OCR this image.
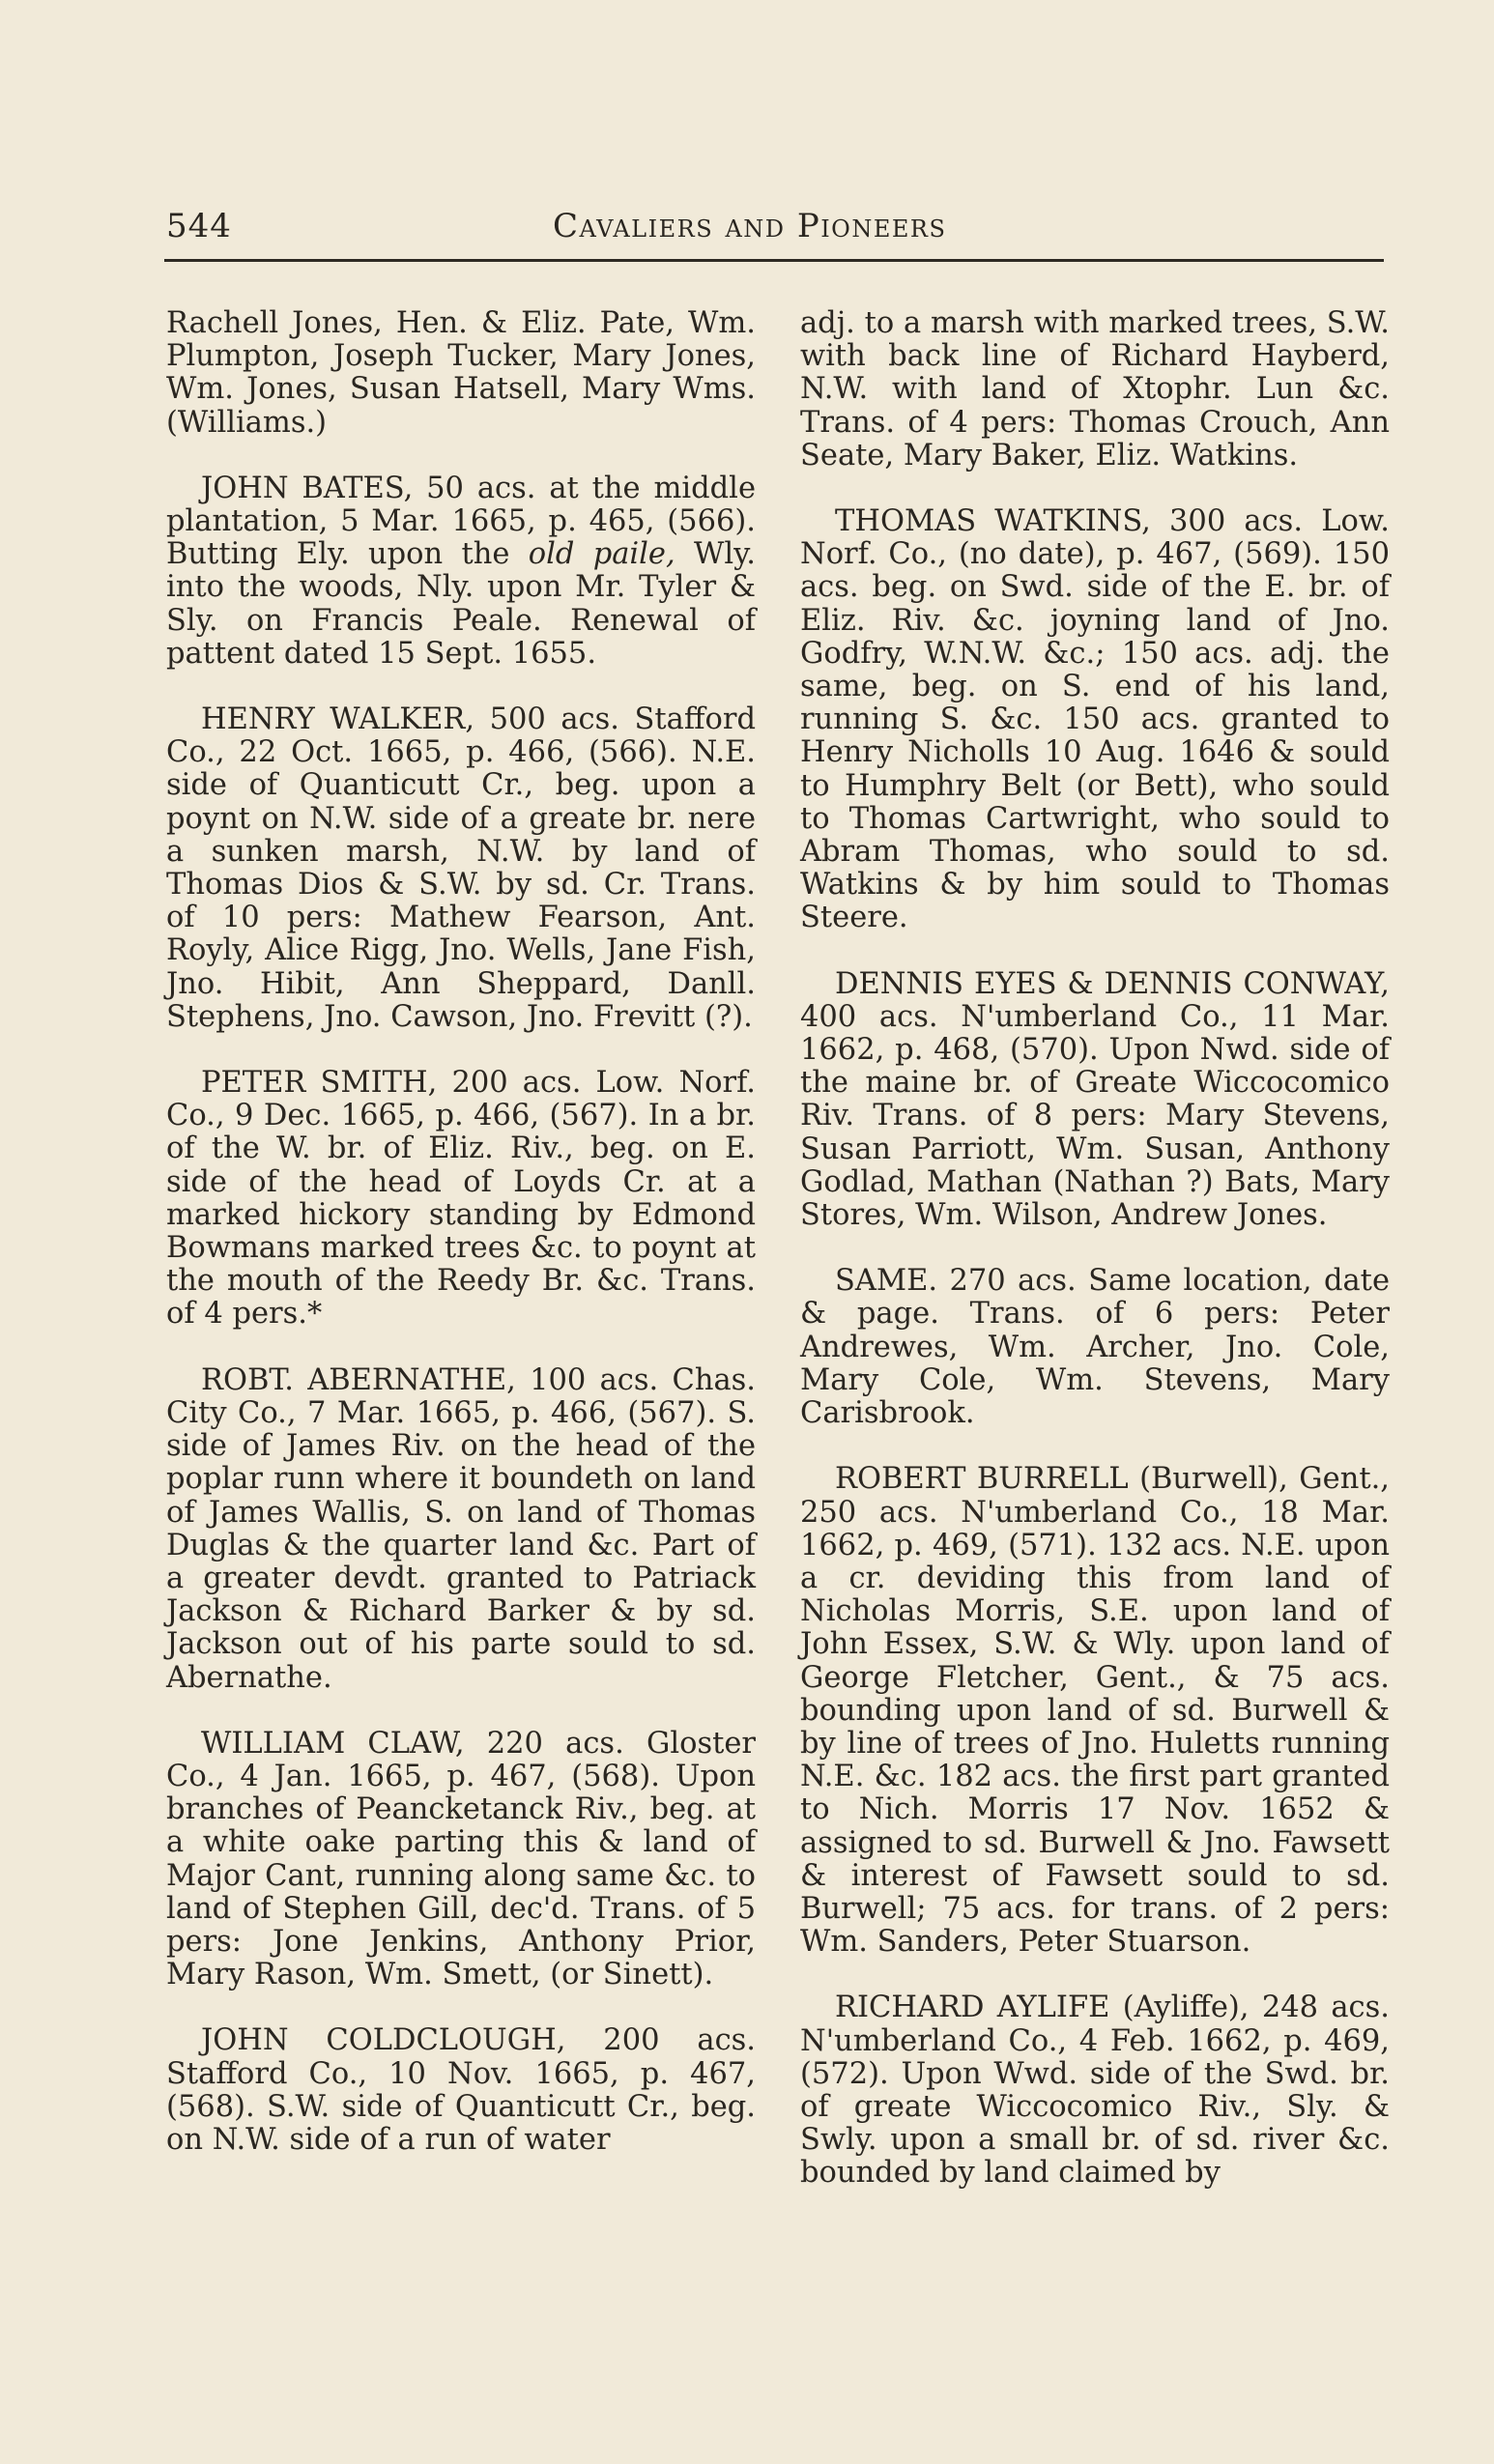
544	Cavaliers and Pioneers

Rachell Jones, Hen. & Eliz. Pate, Wm. Plumpton, Joseph Tucker, Mary Jones, Wm. Jones, Susan Hatsell, Mary Wms. (Williams.)

JOHN BATES, 50 acs. at the middle plantation, 5 Mar. 1665, p. 465, (566). Butting Ely. upon the old paile, Wly. into the woods, Nly. upon Mr. Tyler & Sly. on Francis Peale. Renewal of pattent dated 15 Sept. 1655.

HENRY WALKER, 500 acs. Stafford Co., 22 Oct. 1665, p. 466, (566). N.E. side of Quanticutt Cr., beg. upon a poynt on N.W. side of a greate br. nere a sunken marsh, N.W. by land of Thomas Dios & S.W. by sd. Cr. Trans. of 10 pers: Mathew Fearson, Ant. Royly, Alice Rigg, Jno. Wells, Jane Fish, Jno. Hibit, Ann Sheppard, Danll. Stephens, Jno. Cawson, Jno. Frevitt (?).

PETER SMITH, 200 acs. Low. Norf. Co., 9 Dec. 1665, p. 466, (567). In a br. of the W. br. of Eliz. Riv., beg. on E. side of the head of Loyds Cr. at a marked hickory standing by Edmond Bowmans marked trees &c. to poynt at the mouth of the Reedy Br. &c. Trans. of 4 pers.*

ROBT. ABERNATHE, 100 acs. Chas. City Co., 7 Mar. 1665, p. 466, (567). S. side of James Riv. on the head of the poplar runn where it boundeth on land of James Wallis, S. on land of Thomas Duglas & the quarter land &c. Part of a greater devdt. granted to Patriack Jackson & Richard Barker & by sd. Jackson out of his parte sould to sd. Abernathe.

WILLIAM CLAW, 220 acs. Gloster Co., 4 Jan. 1665, p. 467, (568). Upon branches of Peancketanck Riv., beg. at a white oake parting this & land of Major Cant, running along same &c. to land of Stephen Gill, dec'd. Trans. of 5 pers: Jone Jenkins, Anthony Prior, Mary Rason, Wm. Smett, (or Sinett).

JOHN COLDCLOUGH, 200 acs. Stafford Co., 10 Nov. 1665, p. 467, (568). S.W. side of Quanticutt Cr., beg. on N.W. side of a run of water

adj. to a marsh with marked trees, S.W. with back line of Richard Hayberd, N.W. with land of Xtophr. Lun &c. Trans. of 4 pers: Thomas Crouch, Ann Seate, Mary Baker, Eliz. Watkins.

THOMAS WATKINS, 300 acs. Low. Norf. Co., (no date), p. 467, (569). 150 acs. beg. on Swd. side of the E. br. of Eliz. Riv. &c. joyning land of Jno. Godfry, W.N.W. &c.; 150 acs. adj. the same, beg. on S. end of his land, running S. &c. 150 acs. granted to Henry Nicholls 10 Aug. 1646 & sould to Humphry Belt (or Bett), who sould to Thomas Cartwright, who sould to Abram Thomas, who sould to sd. Watkins & by him sould to Thomas Steere.

DENNIS EYES & DENNIS CONWAY, 400 acs. N'umberland Co., 11 Mar. 1662, p. 468, (570). Upon Nwd. side of the maine br. of Greate Wiccocomico Riv. Trans. of 8 pers: Mary Stevens, Susan Parriott, Wm. Susan, Anthony Godlad, Mathan (Nathan ?) Bats, Mary Stores, Wm. Wilson, Andrew Jones.

SAME. 270 acs. Same location, date & page. Trans. of 6 pers: Peter Andrewes, Wm. Archer, Jno. Cole, Mary Cole, Wm. Stevens, Mary Carisbrook.

ROBERT BURRELL (Burwell), Gent., 250 acs. N'umberland Co., 18 Mar. 1662, p. 469, (571). 132 acs. N.E. upon a cr. deviding this from land of Nicholas Morris, S.E. upon land of John Essex, S.W. & Wly. upon land of George Fletcher, Gent., & 75 acs. bounding upon land of sd. Burwell & by line of trees of Jno. Huletts running N.E. &c. 182 acs. the first part granted to Nich. Morris 17 Nov. 1652 & assigned to sd. Burwell & Jno. Fawsett & interest of Fawsett sould to sd. Burwell; 75 acs. for trans. of 2 pers: Wm. Sanders, Peter Stuarson.

RICHARD AYLIFE (Ayliffe), 248 acs. N'umberland Co., 4 Feb. 1662, p. 469, (572). Upon Wwd. side of the Swd. br. of greate Wiccocomico Riv., Sly. & Swly. upon a small br. of sd. river &c. bounded by land claimed by
